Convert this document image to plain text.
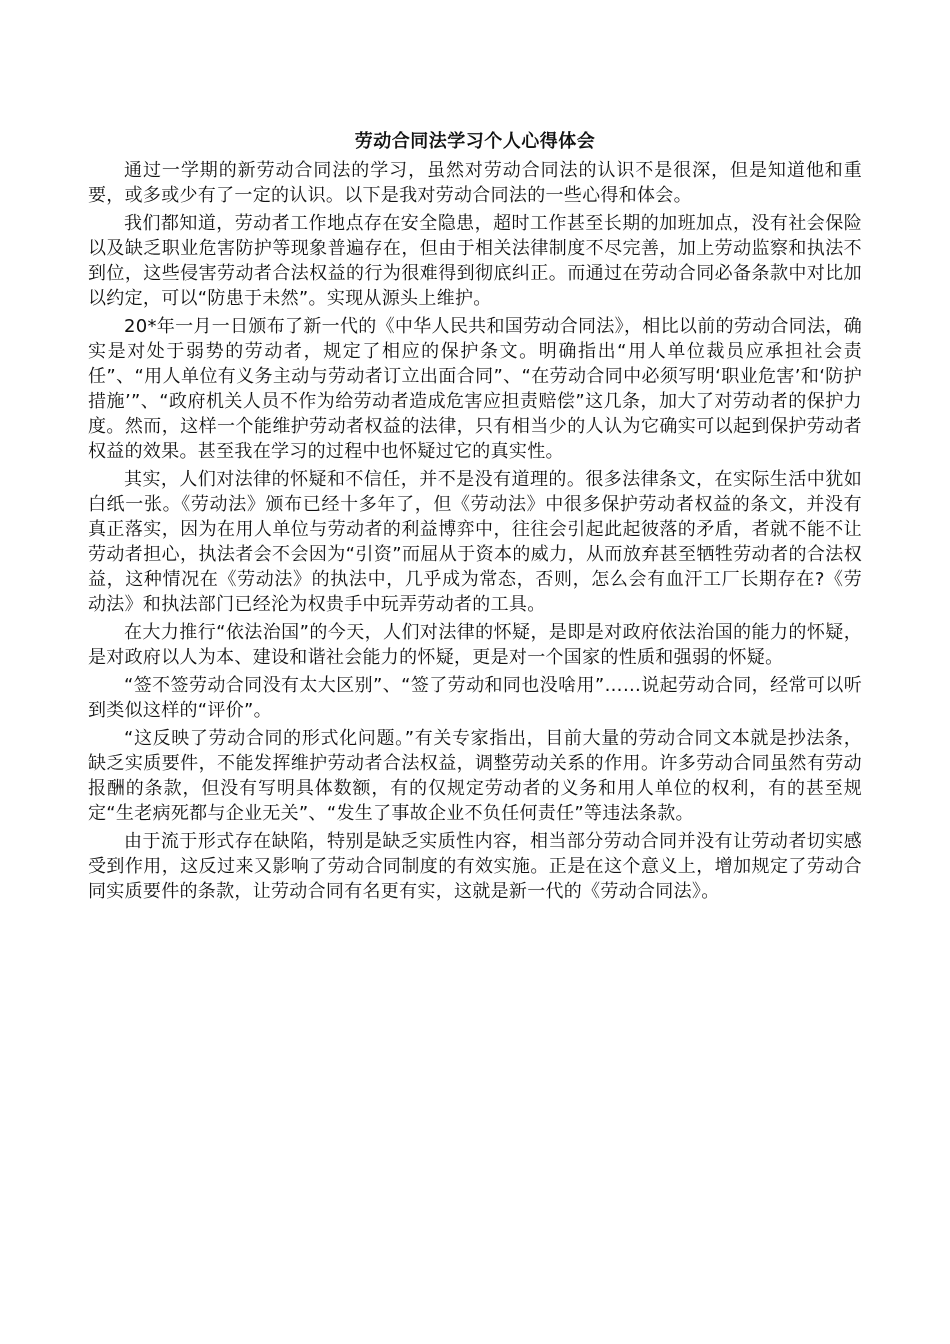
劳动合同法学习个人心得体会

通过一学期的新劳动合同法的学习，虽然对劳动合同法的认识不是很深，但是知道他和重要，或多或少有了一定的认识。以下是我对劳动合同法的一些心得和体会。

我们都知道，劳动者工作地点存在安全隐患，超时工作甚至长期的加班加点，没有社会保险以及缺乏职业危害防护等现象普遍存在，但由于相关法律制度不尽完善，加上劳动监察和执法不到位，这些侵害劳动者合法权益的行为很难得到彻底纠正。而通过在劳动合同必备条款中对比加以约定，可以“防患于未然”。实现从源头上维护。

20*年一月一日颁布了新一代的《中华人民共和国劳动合同法》，相比以前的劳动合同法，确实是对处于弱势的劳动者，规定了相应的保护条文。明确指出“用人单位裁员应承担社会责任”、“用人单位有义务主动与劳动者订立出面合同”、“在劳动合同中必须写明‘职业危害’和‘防护措施’”、“政府机关人员不作为给劳动者造成危害应担责赔偿”这几条，加大了对劳动者的保护力度。然而，这样一个能维护劳动者权益的法律，只有相当少的人认为它确实可以起到保护劳动者权益的效果。甚至我在学习的过程中也怀疑过它的真实性。

其实，人们对法律的怀疑和不信任，并不是没有道理的。很多法律条文，在实际生活中犹如白纸一张。《劳动法》颁布已经十多年了，但《劳动法》中很多保护劳动者权益的条文，并没有真正落实，因为在用人单位与劳动者的利益博弈中，往往会引起此起彼落的矛盾，者就不能不让劳动者担心，执法者会不会因为“引资”而屈从于资本的威力，从而放弃甚至牺牲劳动者的合法权益，这种情况在《劳动法》的执法中，几乎成为常态，否则，怎么会有血汗工厂长期存在?《劳动法》和执法部门已经沦为权贵手中玩弄劳动者的工具。

在大力推行“依法治国”的今天，人们对法律的怀疑，是即是对政府依法治国的能力的怀疑，是对政府以人为本、建设和谐社会能力的怀疑，更是对一个国家的性质和强弱的怀疑。

“签不签劳动合同没有太大区别”、“签了劳动和同也没啥用”……说起劳动合同，经常可以听到类似这样的“评价”。

“这反映了劳动合同的形式化问题。”有关专家指出，目前大量的劳动合同文本就是抄法条，缺乏实质要件，不能发挥维护劳动者合法权益，调整劳动关系的作用。许多劳动合同虽然有劳动报酬的条款，但没有写明具体数额，有的仅规定劳动者的义务和用人单位的权利，有的甚至规定“生老病死都与企业无关”、“发生了事故企业不负任何责任”等违法条款。

由于流于形式存在缺陷，特别是缺乏实质性内容，相当部分劳动合同并没有让劳动者切实感受到作用，这反过来又影响了劳动合同制度的有效实施。正是在这个意义上，增加规定了劳动合同实质要件的条款，让劳动合同有名更有实，这就是新一代的《劳动合同法》。
